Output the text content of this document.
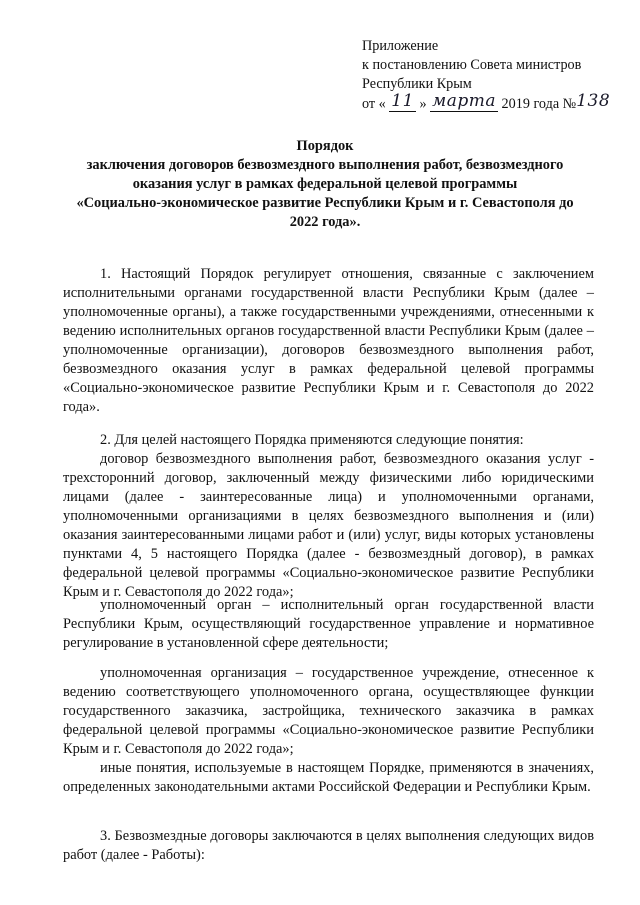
Приложение
к постановлению Совета министров
Республики Крым
от « 11 » марта 2019 года №138
Порядок
заключения договоров безвозмездного выполнения работ, безвозмездного
оказания услуг в рамках федеральной целевой программы
«Социально-экономическое развитие Республики Крым и г. Севастополя до
2022 года».

1. Настоящий Порядок регулирует отношения, связанные с заключением исполнительными органами государственной власти Республики Крым (далее – уполномоченные органы), а также государственными учреждениями, отнесенными к ведению исполнительных органов государственной власти Республики Крым (далее – уполномоченные организации), договоров безвозмездного выполнения работ, безвозмездного оказания услуг в рамках федеральной целевой программы «Социально-экономическое развитие Республики Крым и г. Севастополя до 2022 года».

2. Для целей настоящего Порядка применяются следующие понятия:

договор безвозмездного выполнения работ, безвозмездного оказания услуг - трехсторонний договор, заключенный между физическими либо юридическими лицами (далее - заинтересованные лица) и уполномоченными органами, уполномоченными организациями в целях безвозмездного выполнения и (или) оказания заинтересованными лицами работ и (или) услуг, виды которых установлены пунктами 4, 5 настоящего Порядка (далее - безвозмездный договор), в рамках федеральной целевой программы «Социально-экономическое развитие Республики Крым и г. Севастополя до 2022 года»;

уполномоченный орган – исполнительный орган государственной власти Республики Крым, осуществляющий государственное управление и нормативное регулирование в установленной сфере деятельности;

уполномоченная организация – государственное учреждение, отнесенное к ведению соответствующего уполномоченного органа, осуществляющее функции государственного заказчика, застройщика, технического заказчика в рамках федеральной целевой программы «Социально-экономическое развитие Республики Крым и г. Севастополя до 2022 года»;

иные понятия, используемые в настоящем Порядке, применяются в значениях, определенных законодательными актами Российской Федерации и Республики Крым.

3. Безвозмездные договоры заключаются в целях выполнения следующих видов работ (далее - Работы):
